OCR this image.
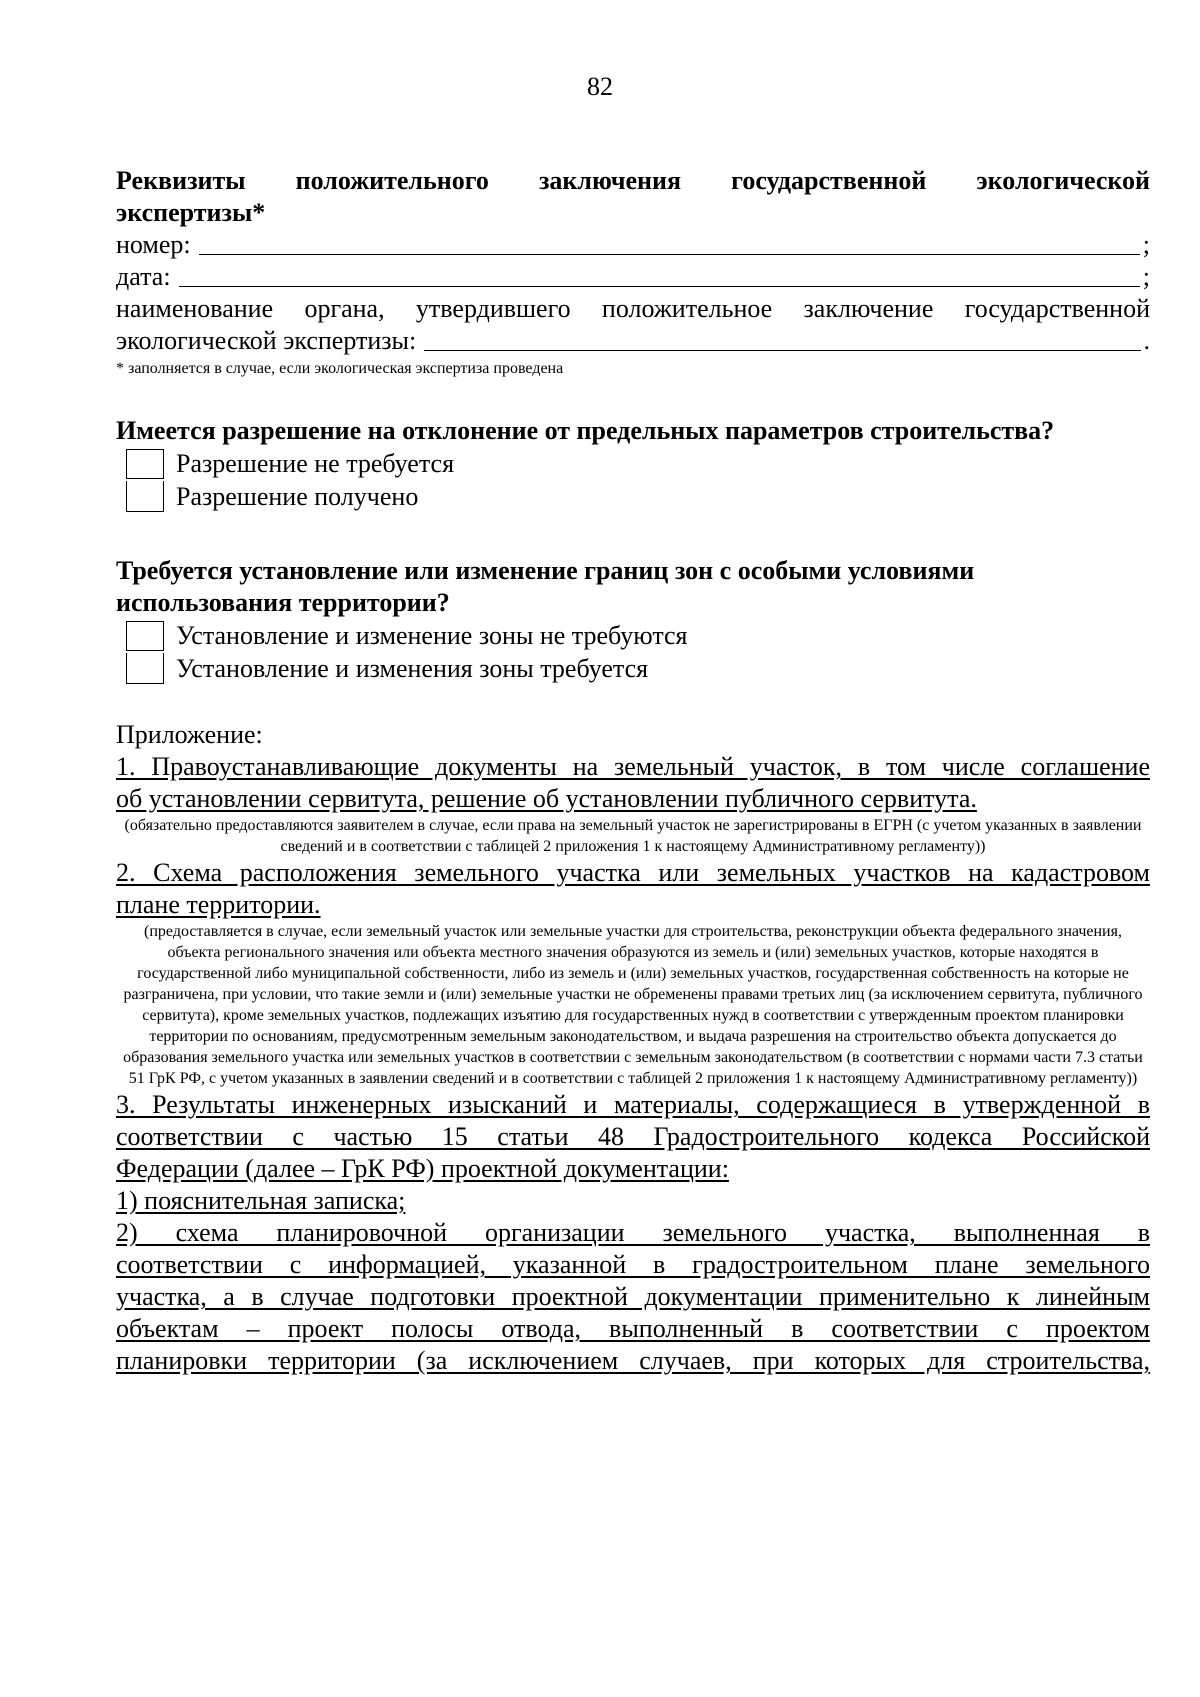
82
Реквизиты положительного заключения государственной экологической
экспертизы*
номер:	;
дата:	;
наименование органа, утвердившего положительное заключение государственной
экологической экспертизы:	.
* заполняется в случае, если экологическая экспертиза проведена
Имеется разрешение на отклонение от предельных параметров строительства?
Разрешение не требуется
Разрешение получено
Требуется установление или изменение границ зон с особыми условиями
использования территории?
Установление и изменение зоны не требуются
Установление и изменения зоны требуется
Приложение:
1. Правоустанавливающие документы на земельный участок, в том числе соглашение
об установлении сервитута, решение об установлении публичного сервитута.
(обязательно предоставляются заявителем в случае, если права на земельный участок не зарегистрированы в ЕГРН (с учетом указанных в заявлении сведений и в соответствии с таблицей 2 приложения 1 к настоящему Административному регламенту))
2. Схема расположения земельного участка или земельных участков на кадастровом
плане территории.
(предоставляется в случае, если земельный участок или земельные участки для строительства, реконструкции объекта федерального значения, объекта регионального значения или объекта местного значения образуются из земель и (или) земельных участков, которые находятся в государственной либо муниципальной собственности, либо из земель и (или) земельных участков, государственная собственность на которые не разграничена, при условии, что такие земли и (или) земельные участки не обременены правами третьих лиц (за исключением сервитута, публичного сервитута), кроме земельных участков, подлежащих изъятию для государственных нужд в соответствии с утвержденным проектом планировки территории по основаниям, предусмотренным земельным законодательством, и выдача разрешения на строительство объекта допускается до образования земельного участка или земельных участков в соответствии с земельным законодательством (в соответствии с нормами части 7.3 статьи 51 ГрК РФ, с учетом указанных в заявлении сведений и в соответствии с таблицей 2 приложения 1 к настоящему Административному регламенту))
3. Результаты инженерных изысканий и материалы, содержащиеся в утвержденной в
соответствии с частью 15 статьи 48 Градостроительного кодекса Российской
Федерации (далее – ГрК РФ) проектной документации:
1) пояснительная записка;
2) схема планировочной организации земельного участка, выполненная в
соответствии с информацией, указанной в градостроительном плане земельного
участка, а в случае подготовки проектной документации применительно к линейным
объектам – проект полосы отвода, выполненный в соответствии с проектом
планировки территории (за исключением случаев, при которых для строительства,
